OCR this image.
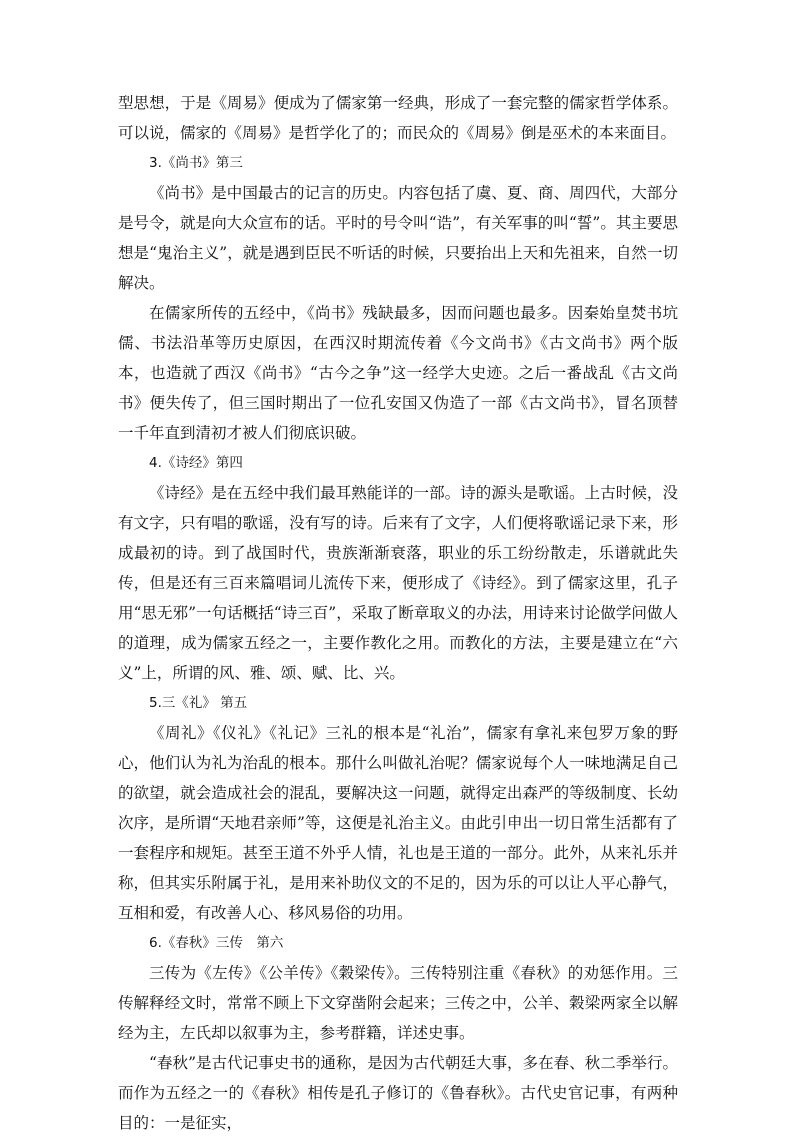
型思想，于是《周易》便成为了儒家第一经典，形成了一套完整的儒家哲学体系。可以说，儒家的《周易》是哲学化了的；而民众的《周易》倒是巫术的本来面目。

3.《尚书》第三

《尚书》是中国最古的记言的历史。内容包括了虞、夏、商、周四代，大部分是号令，就是向大众宣布的话。平时的号令叫“诰”，有关军事的叫“誓”。其主要思想是“鬼治主义”，就是遇到臣民不听话的时候，只要抬出上天和先祖来，自然一切解决。

在儒家所传的五经中，《尚书》残缺最多，因而问题也最多。因秦始皇焚书坑儒、书法沿革等历史原因，在西汉时期流传着《今文尚书》《古文尚书》两个版本，也造就了西汉《尚书》“古今之争”这一经学大史迹。之后一番战乱《古文尚书》便失传了，但三国时期出了一位孔安国又伪造了一部《古文尚书》，冒名顶替一千年直到清初才被人们彻底识破。

4.《诗经》第四

《诗经》是在五经中我们最耳熟能详的一部。诗的源头是歌谣。上古时候，没有文字，只有唱的歌谣，没有写的诗。后来有了文字，人们便将歌谣记录下来，形成最初的诗。到了战国时代，贵族渐渐衰落，职业的乐工纷纷散走，乐谱就此失传，但是还有三百来篇唱词儿流传下来，便形成了《诗经》。到了儒家这里，孔子用“思无邪”一句话概括“诗三百”，采取了断章取义的办法，用诗来讨论做学问做人的道理，成为儒家五经之一，主要作教化之用。而教化的方法，主要是建立在“六义”上，所谓的风、雅、颂、赋、比、兴。

5.三《礼》 第五

《周礼》《仪礼》《礼记》三礼的根本是“礼治”，儒家有拿礼来包罗万象的野心，他们认为礼为治乱的根本。那什么叫做礼治呢？儒家说每个人一味地满足自己的欲望，就会造成社会的混乱，要解决这一问题，就得定出森严的等级制度、长幼次序，是所谓“天地君亲师”等，这便是礼治主义。由此引申出一切日常生活都有了一套程序和规矩。甚至王道不外乎人情，礼也是王道的一部分。此外，从来礼乐并称，但其实乐附属于礼，是用来补助仪文的不足的，因为乐的可以让人平心静气，互相和爱，有改善人心、移风易俗的功用。

6.《春秋》三传　第六

三传为《左传》《公羊传》《穀梁传》。三传特别注重《春秋》的劝惩作用。三传解释经文时，常常不顾上下文穿凿附会起来；三传之中，公羊、穀梁两家全以解经为主，左氏却以叙事为主，参考群籍，详述史事。

“春秋”是古代记事史书的通称，是因为古代朝廷大事，多在春、秋二季举行。而作为五经之一的《春秋》相传是孔子修订的《鲁春秋》。古代史官记事，有两种目的：一是征实，
